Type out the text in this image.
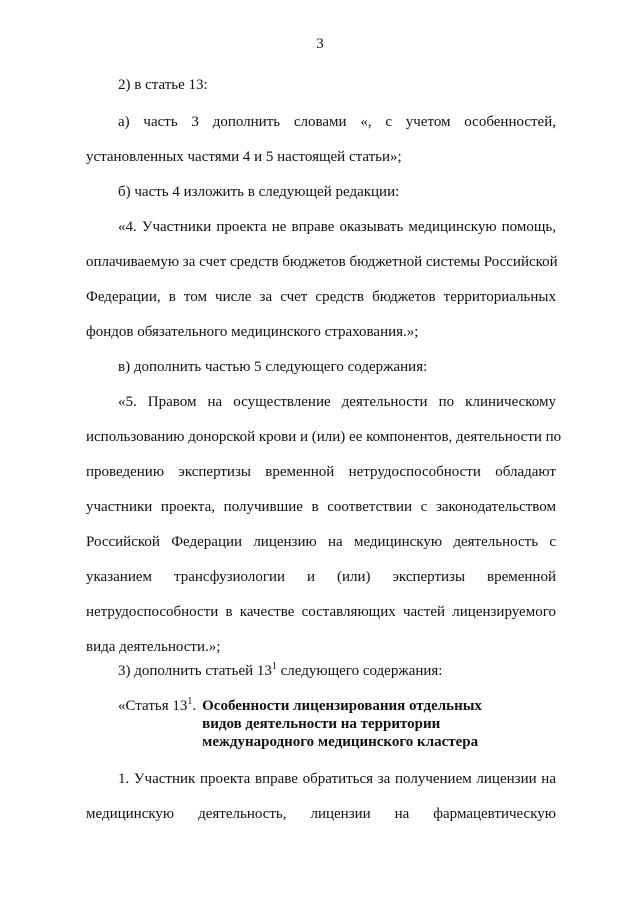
3
2) в статье 13:
а) часть 3 дополнить словами «, с учетом особенностей,
установленных частями 4 и 5 настоящей статьи»;
б) часть 4 изложить в следующей редакции:
«4. Участники проекта не вправе оказывать медицинскую помощь,
оплачиваемую за счет средств бюджетов бюджетной системы Российской
Федерации, в том числе за счет средств бюджетов территориальных
фондов обязательного медицинского страхования.»;
в) дополнить частью 5 следующего содержания:
«5. Правом на осуществление деятельности по клиническому
использованию донорской крови и (или) ее компонентов, деятельности по
проведению экспертизы временной нетрудоспособности обладают
участники проекта, получившие в соответствии с законодательством
Российской Федерации лицензию на медицинскую деятельность с
указанием трансфузиологии и (или) экспертизы временной
нетрудоспособности в качестве составляющих частей лицензируемого
вида деятельности.»;
3) дополнить статьей $13^1$ следующего содержания:
«Статья $13^1$. Особенности лицензирования отдельных
видов деятельности на территории
международного медицинского кластера
1. Участник проекта вправе обратиться за получением лицензии на
медицинскую деятельность, лицензии на фармацевтическую
